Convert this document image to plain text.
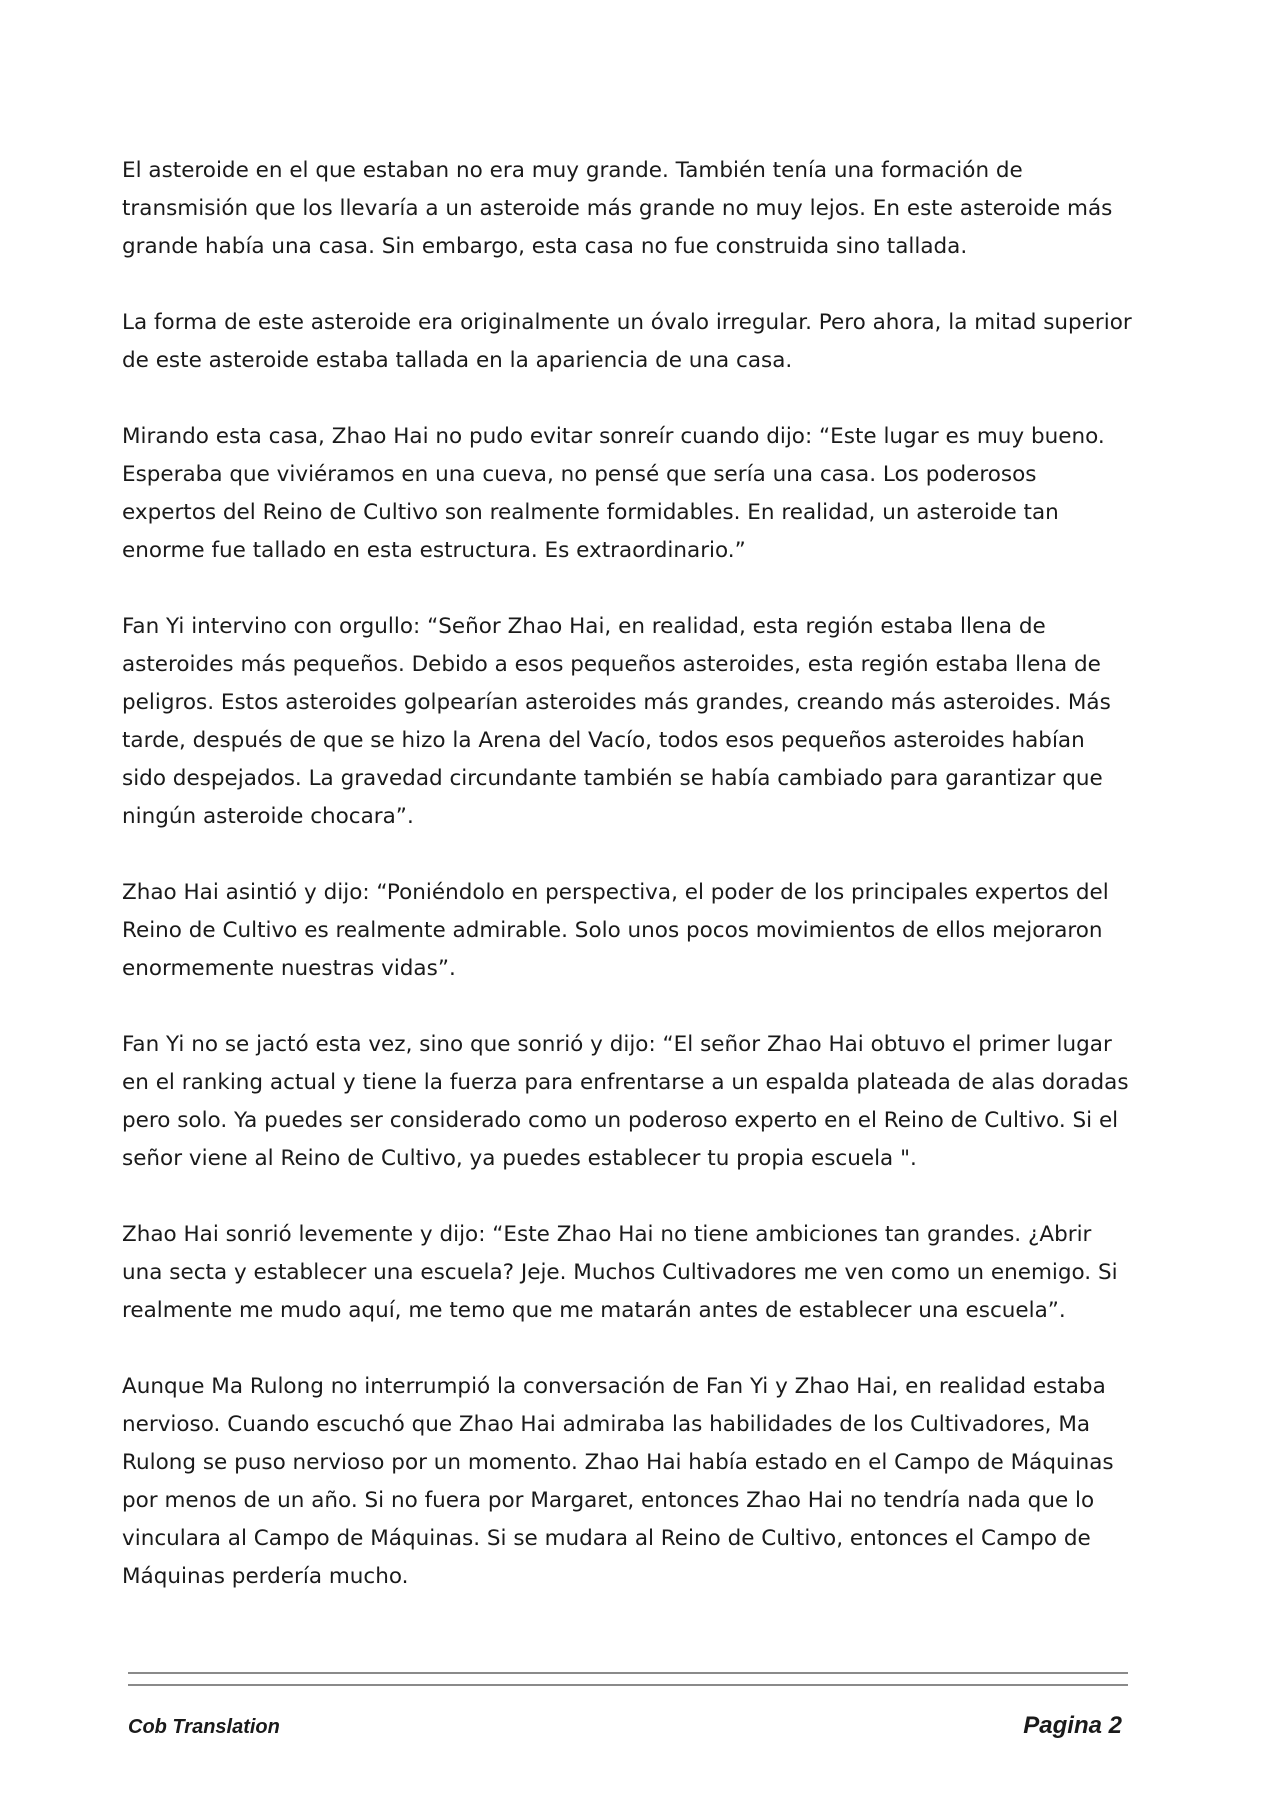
El asteroide en el que estaban no era muy grande. También tenía una formación de transmisión que los llevaría a un asteroide más grande no muy lejos. En este asteroide más grande había una casa. Sin embargo, esta casa no fue construida sino tallada.

La forma de este asteroide era originalmente un óvalo irregular. Pero ahora, la mitad superior de este asteroide estaba tallada en la apariencia de una casa.

Mirando esta casa, Zhao Hai no pudo evitar sonreír cuando dijo: “Este lugar es muy bueno. Esperaba que viviéramos en una cueva, no pensé que sería una casa. Los poderosos expertos del Reino de Cultivo son realmente formidables. En realidad, un asteroide tan enorme fue tallado en esta estructura. Es extraordinario.”

Fan Yi intervino con orgullo: “Señor Zhao Hai, en realidad, esta región estaba llena de asteroides más pequeños. Debido a esos pequeños asteroides, esta región estaba llena de peligros. Estos asteroides golpearían asteroides más grandes, creando más asteroides. Más tarde, después de que se hizo la Arena del Vacío, todos esos pequeños asteroides habían sido despejados. La gravedad circundante también se había cambiado para garantizar que ningún asteroide chocara”.

Zhao Hai asintió y dijo: “Poniéndolo en perspectiva, el poder de los principales expertos del Reino de Cultivo es realmente admirable. Solo unos pocos movimientos de ellos mejoraron enormemente nuestras vidas”.

Fan Yi no se jactó esta vez, sino que sonrió y dijo: “El señor Zhao Hai obtuvo el primer lugar en el ranking actual y tiene la fuerza para enfrentarse a un espalda plateada de alas doradas pero solo. Ya puedes ser considerado como un poderoso experto en el Reino de Cultivo. Si el señor viene al Reino de Cultivo, ya puedes establecer tu propia escuela ".

Zhao Hai sonrió levemente y dijo: “Este Zhao Hai no tiene ambiciones tan grandes. ¿Abrir una secta y establecer una escuela? Jeje. Muchos Cultivadores me ven como un enemigo. Si realmente me mudo aquí, me temo que me matarán antes de establecer una escuela”.

Aunque Ma Rulong no interrumpió la conversación de Fan Yi y Zhao Hai, en realidad estaba nervioso. Cuando escuchó que Zhao Hai admiraba las habilidades de los Cultivadores, Ma Rulong se puso nervioso por un momento. Zhao Hai había estado en el Campo de Máquinas por menos de un año. Si no fuera por Margaret, entonces Zhao Hai no tendría nada que lo vinculara al Campo de Máquinas. Si se mudara al Reino de Cultivo, entonces el Campo de Máquinas perdería mucho.

Cob Translation	Pagina 2
